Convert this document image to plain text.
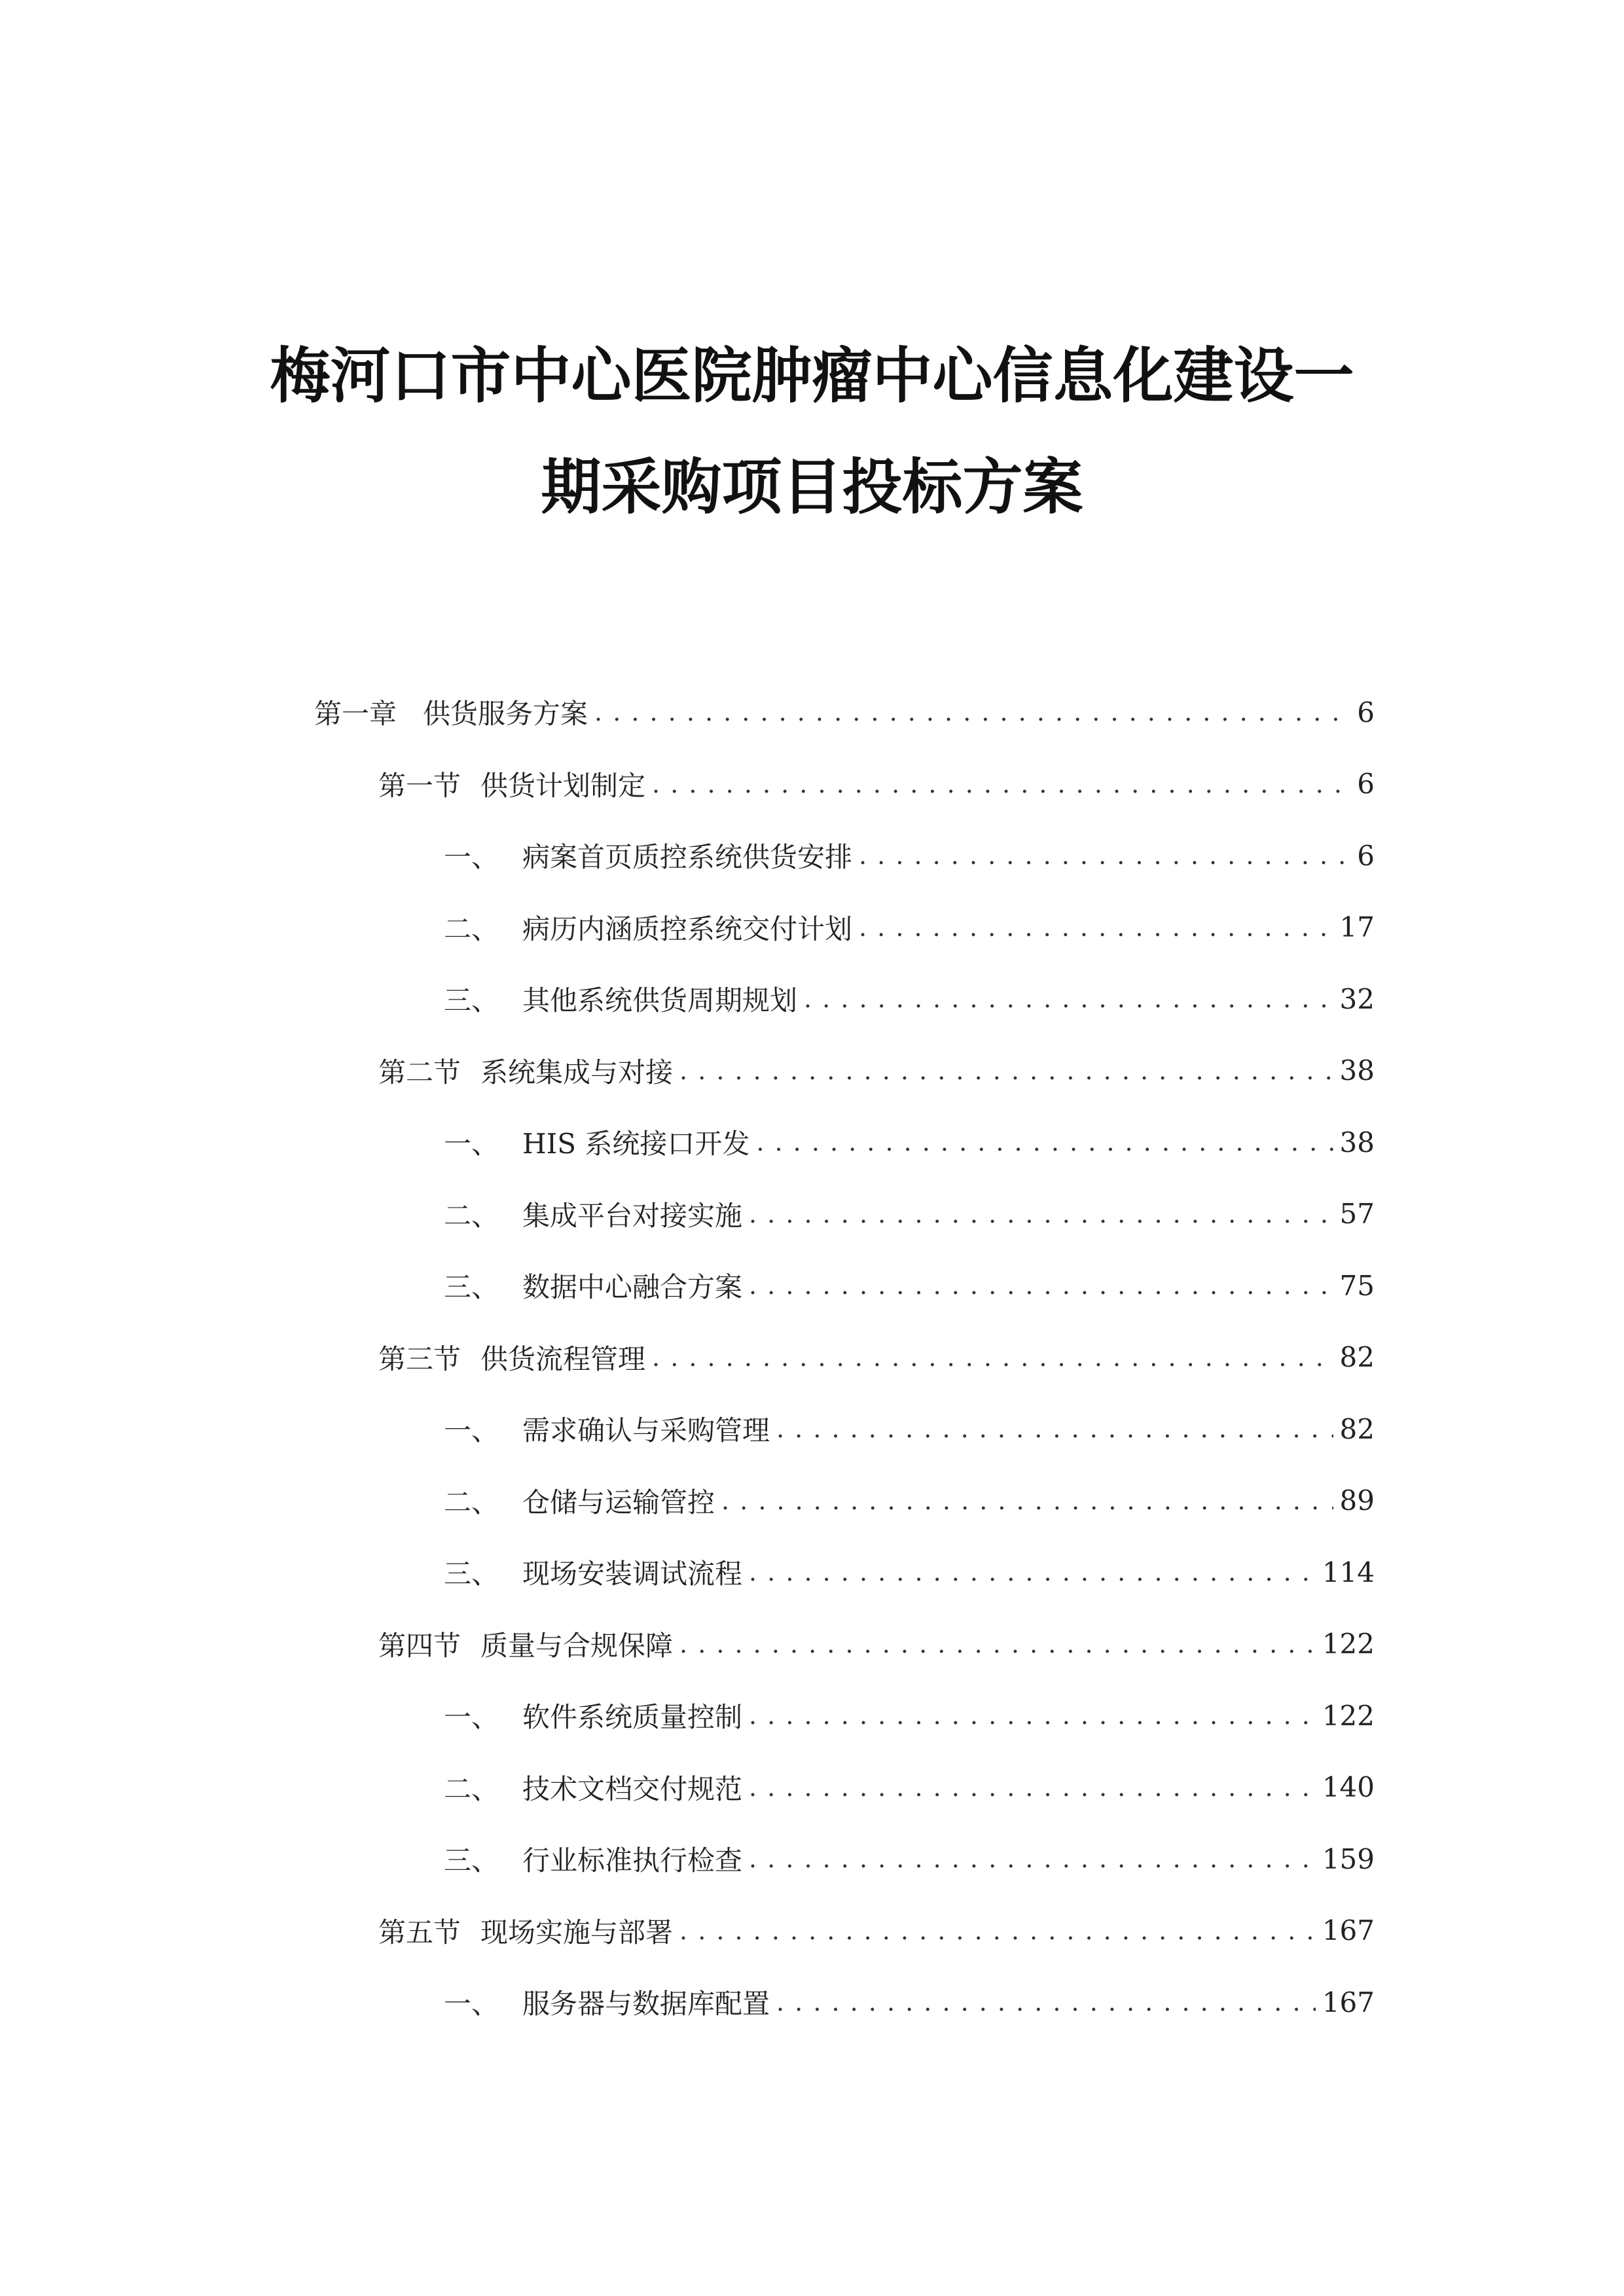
梅河口市中心医院肿瘤中心信息化建设一
期采购项目投标方案
第一章 供货服务方案 . . .	6
第一节 供货计划制定 . . .	6
一、 病案首页质控系统供货安排 . . .	6
二、 病历内涵质控系统交付计划 . . .	17
三、 其他系统供货周期规划 . . .	32
第二节 系统集成与对接 . . .	38
一、 HIS 系统接口开发 . . .	38
二、 集成平台对接实施 . . .	57
三、 数据中心融合方案 . . .	75
第三节 供货流程管理 . . .	82
一、 需求确认与采购管理 . . .	82
二、 仓储与运输管控 . . .	89
三、 现场安装调试流程 . . .	114
第四节 质量与合规保障 . . .	122
一、 软件系统质量控制 . . .	122
二、 技术文档交付规范 . . .	140
三、 行业标准执行检查 . . .	159
第五节 现场实施与部署 . . .	167
一、 服务器与数据库配置 . . .	167
